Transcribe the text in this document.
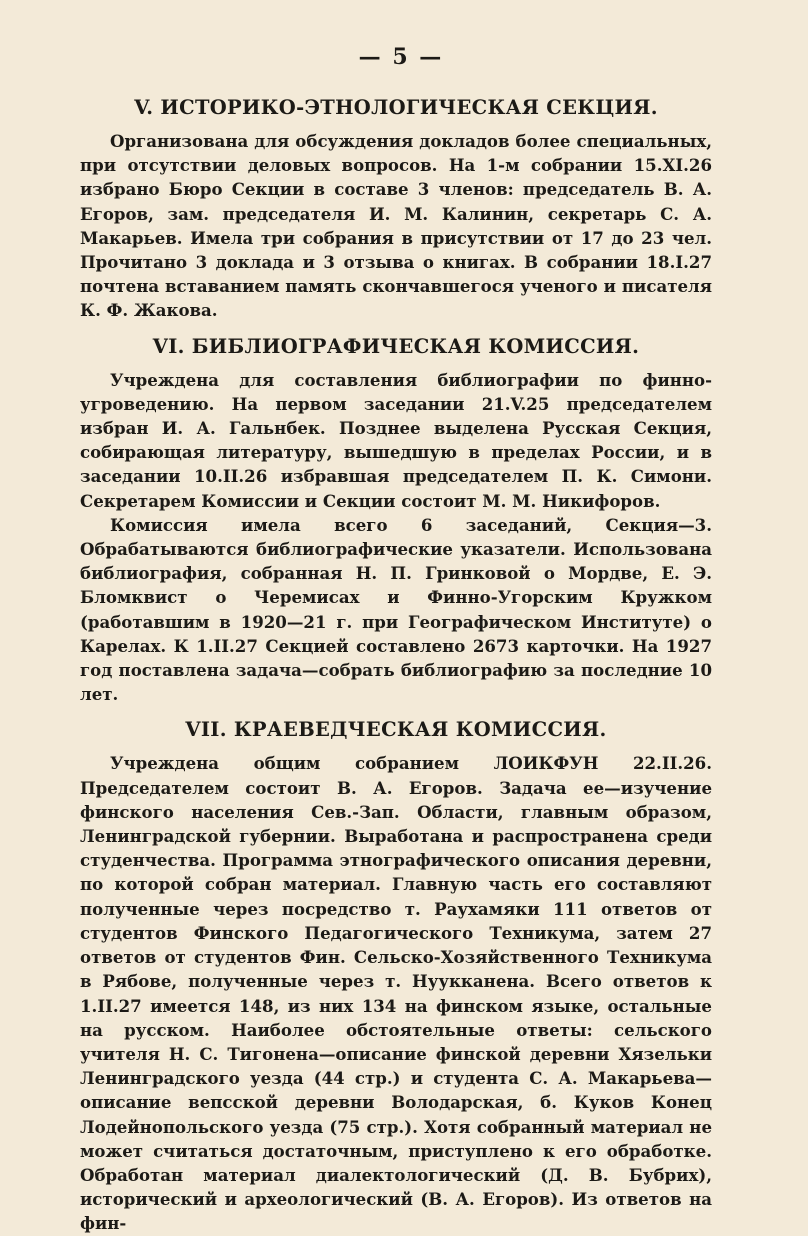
— 5 —
V. ИСТОРИКО-ЭТНОЛОГИЧЕСКАЯ СЕКЦИЯ.

Организована для обсуждения докладов более специальных, при отсутствии деловых вопросов. На 1-м собрании 15.XI.26 избрано Бюро Секции в составе 3 членов: председатель В. А. Егоров, зам. председателя И. М. Калинин, секретарь С. А. Макарьев. Имела три собрания в присутствии от 17 до 23 чел. Прочитано 3 доклада и 3 отзыва о книгах. В собрании 18.I.27 почтена вставанием память скончавшегося ученого и писателя К. Ф. Жакова.

VI. БИБЛИОГРАФИЧЕСКАЯ КОМИССИЯ.

Учреждена для составления библиографии по финно-угроведению. На первом заседании 21.V.25 председателем избран И. А. Гальнбек. Позднее выделена Русская Секция, собирающая литературу, вышедшую в пределах России, и в заседании 10.II.26 избравшая председателем П. К. Симони. Секретарем Комиссии и Секции состоит М. М. Никифоров.

Комиссия имела всего 6 заседаний, Секция—3. Обрабатываются библиографические указатели. Использована библиография, собранная Н. П. Гринковой о Мордве, Е. Э. Бломквист о Черемисах и Финно-Угорским Кружком (работавшим в 1920—21 г. при Географическом Институте) о Карелах. К 1.II.27 Секцией составлено 2673 карточки. На 1927 год поставлена задача—собрать библиографию за последние 10 лет.

VII. КРАЕВЕДЧЕСКАЯ КОМИССИЯ.

Учреждена общим собранием ЛОИКФУН 22.II.26. Председателем состоит В. А. Егоров. Задача ее—изучение финского населения Сев.-Зап. Области, главным образом, Ленинградской губернии. Выработана и распространена среди студенчества. Программа этнографического описания деревни, по которой собран материал. Главную часть его составляют полученные через посредство т. Раухамяки 111 ответов от студентов Финского Педагогического Техникума, затем 27 ответов от студентов Фин. Сельско-Хозяйственного Техникума в Рябове, полученные через т. Нуукканена. Всего ответов к 1.II.27 имеется 148, из них 134 на финском языке, остальные на русском. Наиболее обстоятельные ответы: сельского учителя Н. С. Тигонена—описание финской деревни Хязельки Ленинградского уезда (44 стр.) и студента С. А. Макарьева—описание вепсской деревни Володарская, б. Куков Конец Лодейнопольского уезда (75 стр.). Хотя собранный материал не может считаться достаточным, приступлено к его обработке. Обработан материал диалектологический (Д. В. Бубрих), исторический и археологический (В. А. Егоров). Из ответов на фин-
